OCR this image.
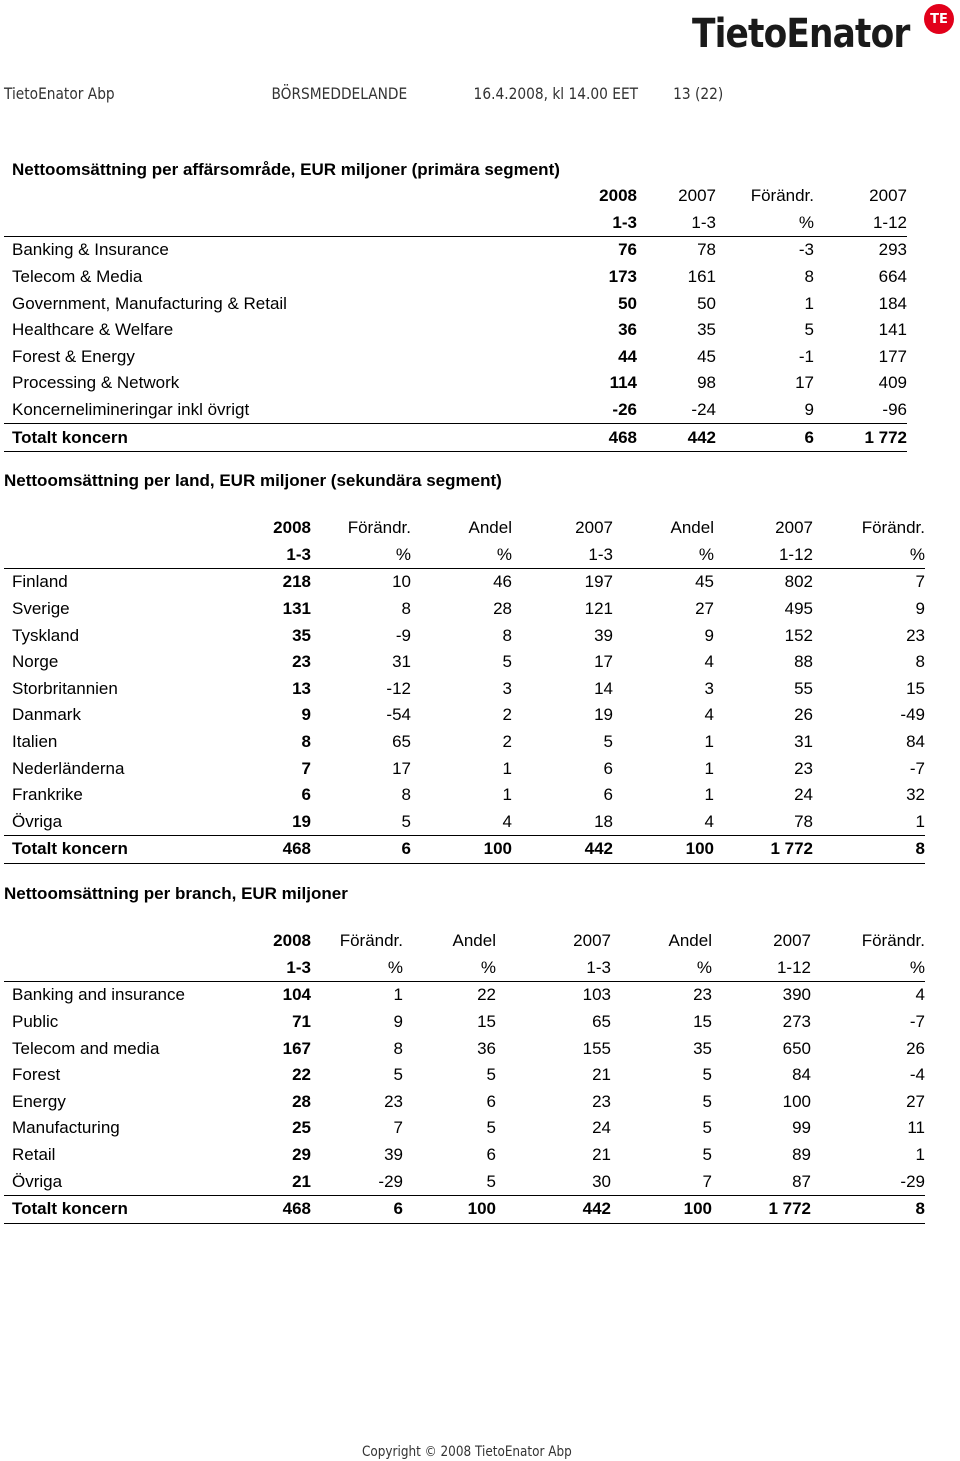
TietoEnator	TE
TietoEnator Abp	BÖRSMEDDELANDE	16.4.2008, kl 14.00 EET 13 (22)
Nettoomsättning per affärsområde, EUR miljoner (primära segment)
	2008	2007	Förändr.	2007
	1-3	1-3	%	1-12
Banking & Insurance	76	78	-3	293
Telecom & Media	173	161	8	664
Government, Manufacturing & Retail	50	50	1	184
Healthcare & Welfare	36	35	5	141
Forest & Energy	44	45	-1	177
Processing & Network	114	98	17	409
Koncernelimineringar inkl övrigt	-26	-24	9	-96
Totalt koncern	468	442	6	1 772
Nettoomsättning per land, EUR miljoner (sekundära segment)
	2008	Förändr.	Andel	2007	Andel	2007	Förändr.
	1-3	%	%	1-3	%	1-12	%
Finland	218	10	46	197	45	802	7
Sverige	131	8	28	121	27	495	9
Tyskland	35	-9	8	39	9	152	23
Norge	23	31	5	17	4	88	8
Storbritannien	13	-12	3	14	3	55	15
Danmark	9	-54	2	19	4	26	-49
Italien	8	65	2	5	1	31	84
Nederländerna	7	17	1	6	1	23	-7
Frankrike	6	8	1	6	1	24	32
Övriga	19	5	4	18	4	78	1
Totalt koncern	468	6	100	442	100	1 772	8
Nettoomsättning per branch, EUR miljoner
	2008	Förändr.	Andel	2007	Andel	2007	Förändr.
	1-3	%	%	1-3	%	1-12	%
Banking and insurance	104	1	22	103	23	390	4
Public	71	9	15	65	15	273	-7
Telecom and media	167	8	36	155	35	650	26
Forest	22	5	5	21	5	84	-4
Energy	28	23	6	23	5	100	27
Manufacturing	25	7	5	24	5	99	11
Retail	29	39	6	21	5	89	1
Övriga	21	-29	5	30	7	87	-29
Totalt koncern	468	6	100	442	100	1 772	8
Copyright © 2008 TietoEnator Abp
